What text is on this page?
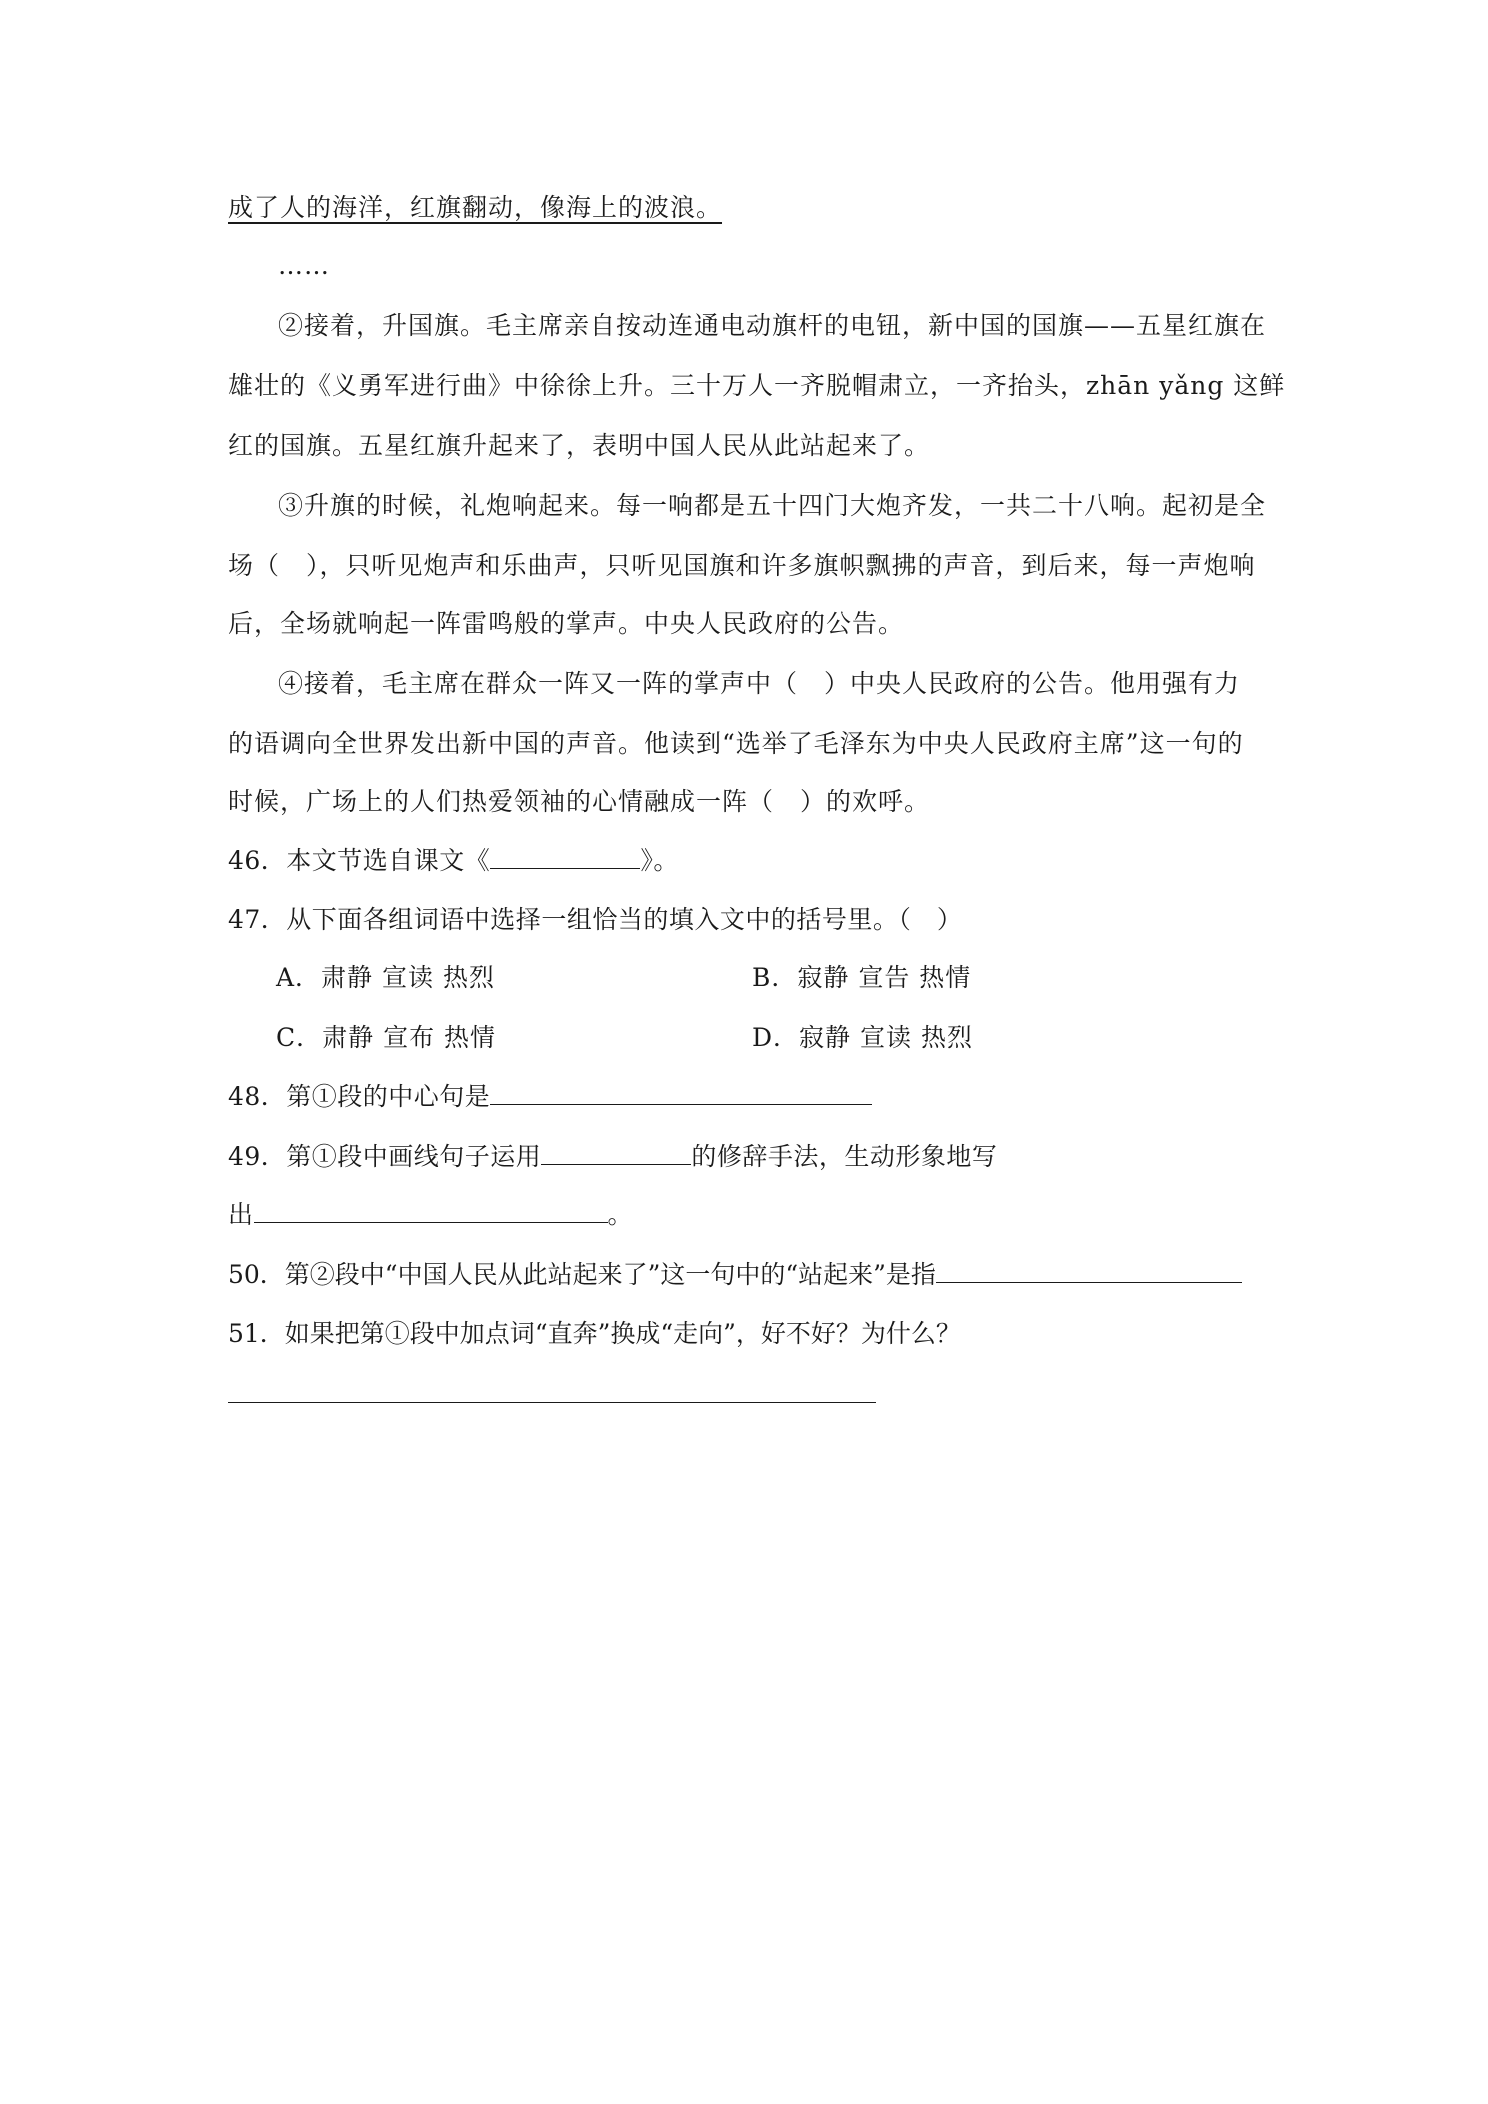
成了人的海洋，红旗翻动，像海上的波浪。
……
②接着，升国旗。毛主席亲自按动连通电动旗杆的电钮，新中国的国旗——五星红旗在
雄壮的《义勇军进行曲》中徐徐上升。三十万人一齐脱帽肃立，一齐抬头，zhān yǎng 这鲜
红的国旗。五星红旗升起来了，表明中国人民从此站起来了。
③升旗的时候，礼炮响起来。每一响都是五十四门大炮齐发，一共二十八响。起初是全
场（　），只听见炮声和乐曲声，只听见国旗和许多旗帜飘拂的声音，到后来，每一声炮响
后，全场就响起一阵雷鸣般的掌声。中央人民政府的公告。
④接着，毛主席在群众一阵又一阵的掌声中（　）中央人民政府的公告。他用强有力
的语调向全世界发出新中国的声音。他读到“选举了毛泽东为中央人民政府主席”这一句的
时候，广场上的人们热爱领袖的心情融成一阵（　）的欢呼。
46．本文节选自课文《	》。
47．从下面各组词语中选择一组恰当的填入文中的括号里。（　）
A．肃静 宣读 热烈	B．寂静 宣告 热情
C．肃静 宣布 热情	D．寂静 宣读 热烈
48．第①段的中心句是
49．第①段中画线句子运用	的修辞手法，生动形象地写
出	。
50．第②段中“中国人民从此站起来了”这一句中的“站起来”是指
51．如果把第①段中加点词“直奔”换成“走向”，好不好？为什么？
